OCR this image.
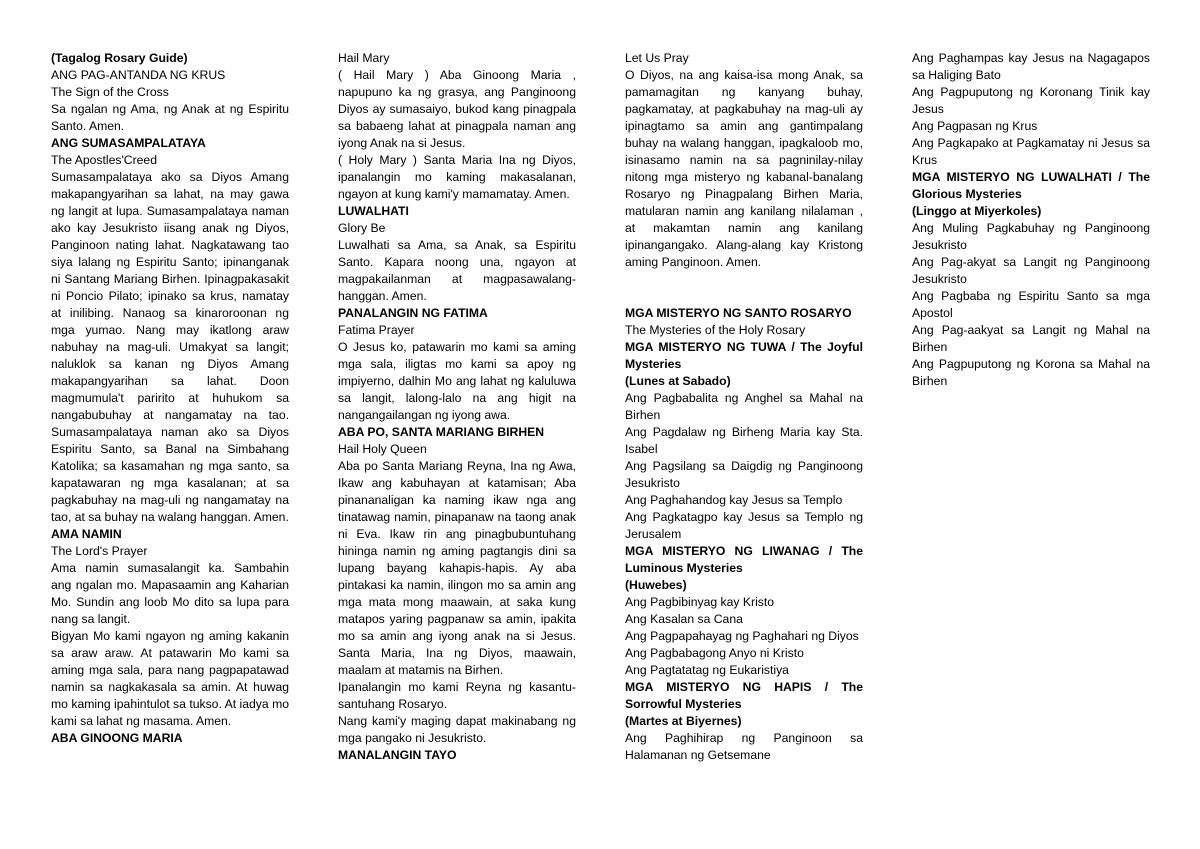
(Tagalog Rosary Guide)

ANG PAG-ANTANDA NG KRUS

The Sign of the Cross

Sa ngalan ng Ama, ng Anak at ng Espiritu Santo. Amen.

ANG SUMASAMPALATAYA

The Apostles'Creed

Sumasampalataya ako sa Diyos Amang makapangyarihan sa lahat, na may gawa ng langit at lupa. Sumasampalataya naman ako kay Jesukristo iisang anak ng Diyos, Panginoon nating lahat. Nagkatawang tao siya lalang ng Espiritu Santo; ipinanganak ni Santang Mariang Birhen. Ipinagpakasakit ni Poncio Pilato; ipinako sa krus, namatay at inilibing. Nanaog sa kinaroroonan ng mga yumao. Nang may ikatlong araw nabuhay na mag-uli. Umakyat sa langit; naluklok sa kanan ng Diyos Amang makapangyarihan sa lahat. Doon magmumula't paririto at huhukom sa nangabubuhay at nangamatay na tao. Sumasampalataya naman ako sa Diyos Espiritu Santo, sa Banal na Simbahang Katolika; sa kasamahan ng mga santo, sa kapatawaran ng mga kasalanan; at sa pagkabuhay na mag-uli ng nangamatay na tao, at sa buhay na walang hanggan. Amen.

AMA NAMIN

The Lord's Prayer

Ama namin sumasalangit ka. Sambahin ang ngalan mo. Mapasaamin ang Kaharian Mo. Sundin ang loob Mo dito sa lupa para nang sa langit.

Bigyan Mo kami ngayon ng aming kakanin sa araw araw. At patawarin Mo kami sa aming mga sala, para nang pagpapatawad namin sa nagkakasala sa amin. At huwag mo kaming ipahintulot sa tukso. At iadya mo kami sa lahat ng masama. Amen.

ABA GINOONG MARIA

Hail Mary

( Hail Mary ) Aba Ginoong Maria , napupuno ka ng grasya, ang Panginoong Diyos ay sumasaiyo, bukod kang pinagpala sa babaeng lahat at pinagpala naman ang iyong Anak na si Jesus.

( Holy Mary ) Santa Maria Ina ng Diyos, ipanalangin mo kaming makasalanan, ngayon at kung kami'y mamamatay. Amen.

LUWALHATI

Glory Be

Luwalhati sa Ama, sa Anak, sa Espiritu Santo. Kapara noong una, ngayon at magpakailanman at magpasawalang-hanggan. Amen.

PANALANGIN NG FATIMA

Fatima Prayer

O Jesus ko, patawarin mo kami sa aming mga sala, iligtas mo kami sa apoy ng impiyerno, dalhin Mo ang lahat ng kaluluwa sa langit, lalong-lalo na ang higit na nangangailangan ng iyong awa.

ABA PO, SANTA MARIANG BIRHEN

Hail Holy Queen

Aba po Santa Mariang Reyna, Ina ng Awa, Ikaw ang kabuhayan at katamisan; Aba pinananaligan ka naming ikaw nga ang tinatawag namin, pinapanaw na taong anak ni Eva. Ikaw rin ang pinagbubuntuhang hininga namin ng aming pagtangis dini sa lupang bayang kahapis-hapis. Ay aba pintakasi ka namin, ilingon mo sa amin ang mga mata mong maawain, at saka kung matapos yaring pagpanaw sa amin, ipakita mo sa amin ang iyong anak na si Jesus. Santa Maria, Ina ng Diyos, maawain, maalam at matamis na Birhen.

Ipanalangin mo kami Reyna ng kasantu-santuhang Rosaryo.

Nang kami'y maging dapat makinabang ng mga pangako ni Jesukristo.

MANALANGIN TAYO

Let Us Pray

O Diyos, na ang kaisa-isa mong Anak, sa pamamagitan ng kanyang buhay, pagkamatay, at pagkabuhay na mag-uli ay ipinagtamo sa amin ang gantimpalang buhay na walang hanggan, ipagkaloob mo, isinasamo namin na sa pagninilay-nilay nitong mga misteryo ng kabanal-banalang Rosaryo ng Pinagpalang Birhen Maria, matularan namin ang kanilang nilalaman , at makamtan namin ang kanilang ipinangangako. Alang-alang kay Kristong aming Panginoon. Amen.

MGA MISTERYO NG SANTO ROSARYO

The Mysteries of the Holy Rosary

MGA MISTERYO NG TUWA / The Joyful Mysteries

(Lunes at Sabado)

Ang Pagbabalita ng Anghel sa Mahal na Birhen

Ang Pagdalaw ng Birheng Maria kay Sta. Isabel

Ang Pagsilang sa Daigdig ng Panginoong Jesukristo

Ang Paghahandog kay Jesus sa Templo

Ang Pagkatagpo kay Jesus sa Templo ng Jerusalem

MGA MISTERYO NG LIWANAG / The Luminous Mysteries

(Huwebes)

Ang Pagbibinyag kay Kristo

Ang Kasalan sa Cana

Ang Pagpapahayag ng Paghahari ng Diyos

Ang Pagbabagong Anyo ni Kristo

Ang Pagtatatag ng Eukaristiya

MGA MISTERYO NG HAPIS / The Sorrowful Mysteries

(Martes at Biyernes)

Ang Paghihirap ng Panginoon sa Halamanan ng Getsemane

Ang Paghampas kay Jesus na Nagagapos sa Haliging Bato

Ang Pagpuputong ng Koronang Tinik kay Jesus

Ang Pagpasan ng Krus

Ang Pagkapako at Pagkamatay ni Jesus sa Krus

MGA MISTERYO NG LUWALHATI / The Glorious Mysteries

(Linggo at Miyerkoles)

Ang Muling Pagkabuhay ng Panginoong Jesukristo

Ang Pag-akyat sa Langit ng Panginoong Jesukristo

Ang Pagbaba ng Espiritu Santo sa mga Apostol

Ang Pag-aakyat sa Langit ng Mahal na Birhen

Ang Pagpuputong ng Korona sa Mahal na Birhen
